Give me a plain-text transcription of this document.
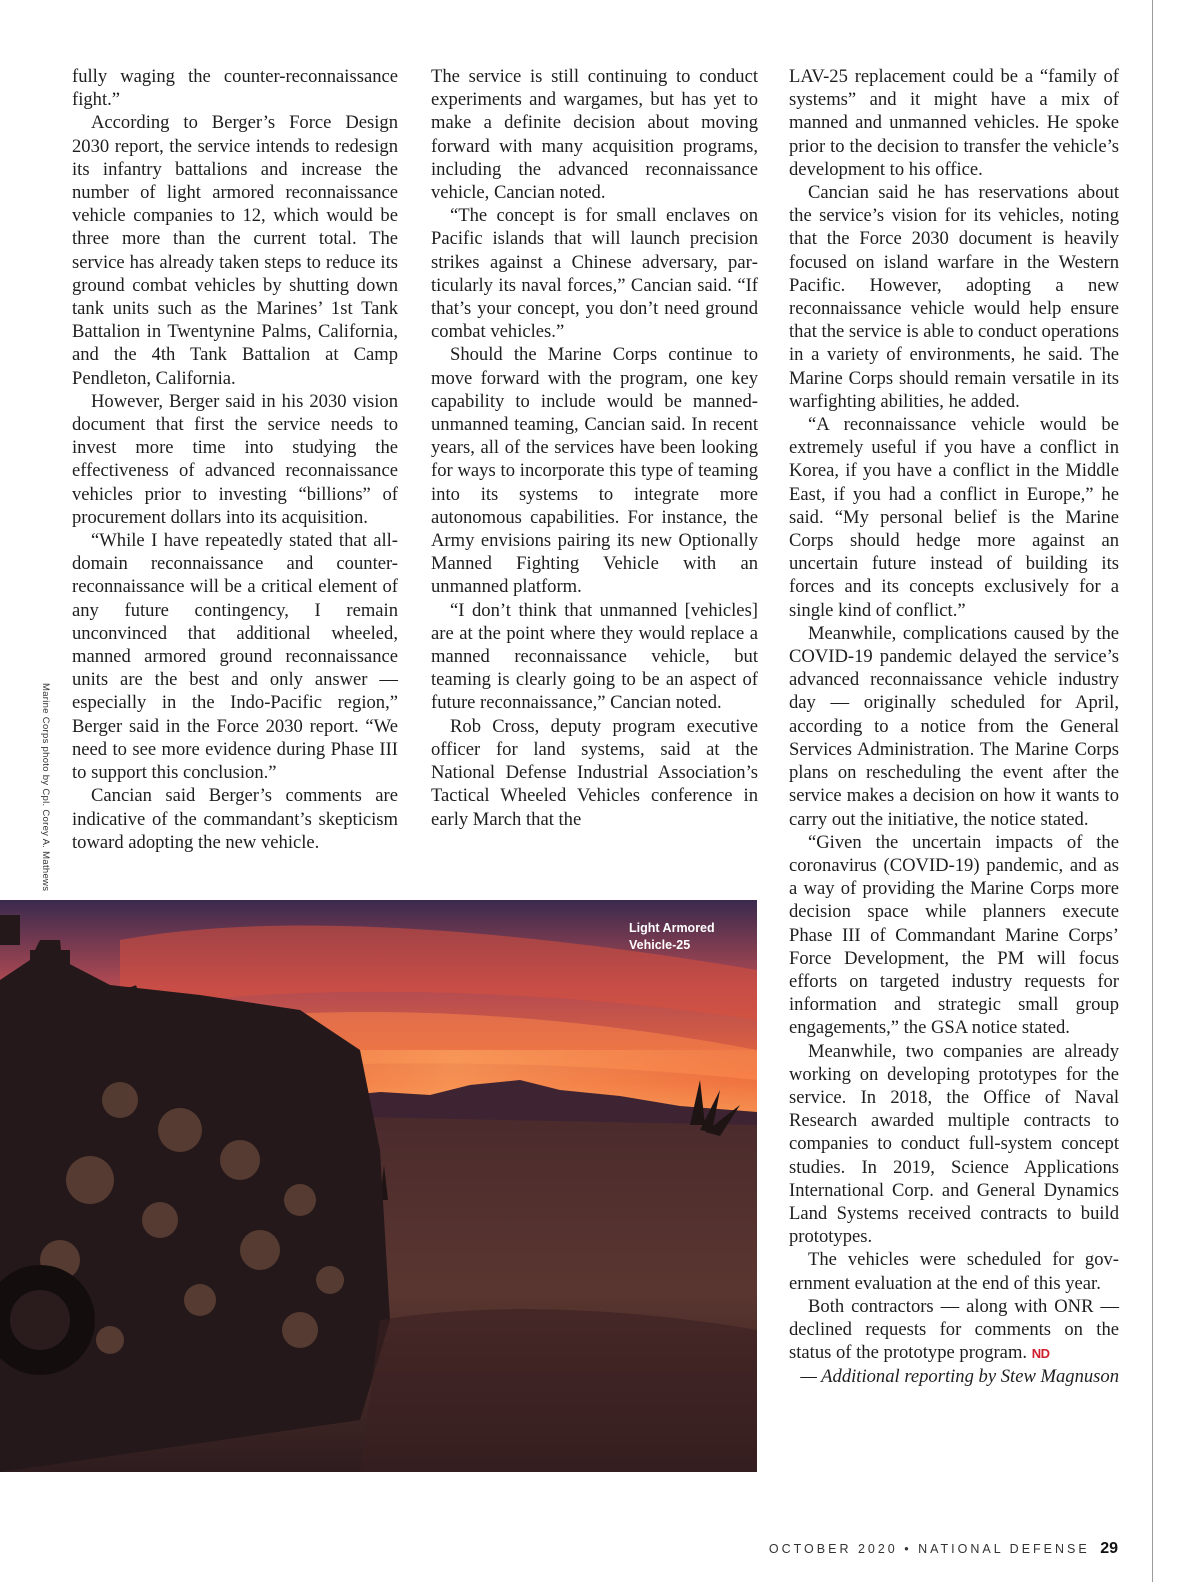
fully waging the counter-reconnaissance fight.”

According to Berger’s Force Design 2030 report, the service intends to redesign its infantry battalions and increase the number of light armored reconnaissance vehicle companies to 12, which would be three more than the current total. The service has already taken steps to reduce its ground combat vehicles by shutting down tank units such as the Marines’ 1st Tank Battalion in Twentynine Palms, California, and the 4th Tank Battalion at Camp Pendleton, California.

However, Berger said in his 2030 vision document that first the service needs to invest more time into studying the effectiveness of advanced reconnaissance vehicles prior to investing “billions” of procurement dollars into its acquisition.

“While I have repeatedly stated that all-domain reconnaissance and counter-reconnaissance will be a critical element of any future contingency, I remain unconvinced that additional wheeled, manned armored ground reconnaissance units are the best and only answer — especially in the Indo-Pacific region,” Berger said in the Force 2030 report. “We need to see more evidence during Phase III to support this conclusion.”

Cancian said Berger’s comments are indicative of the commandant’s skepticism toward adopting the new vehicle.

The service is still continuing to conduct experiments and wargames, but has yet to make a definite decision about moving forward with many acquisition programs, including the advanced reconnaissance vehicle, Cancian noted.

“The concept is for small enclaves on Pacific islands that will launch precision strikes against a Chinese adversary, particularly its naval forces,” Cancian said. “If that’s your concept, you don’t need ground combat vehicles.”

Should the Marine Corps continue to move forward with the program, one key capability to include would be manned-unmanned teaming, Cancian said. In recent years, all of the services have been looking for ways to incorporate this type of teaming into its systems to integrate more autonomous capabilities. For instance, the Army envisions pairing its new Optionally Manned Fighting Vehicle with an unmanned platform.

“I don’t think that unmanned [vehicles] are at the point where they would replace a manned reconnaissance vehicle, but teaming is clearly going to be an aspect of future reconnaissance,” Cancian noted.

Rob Cross, deputy program executive officer for land systems, said at the National Defense Industrial Association’s Tactical Wheeled Vehicles conference in early March that the

LAV-25 replacement could be a “family of systems” and it might have a mix of manned and unmanned vehicles. He spoke prior to the decision to transfer the vehicle’s development to his office.

Cancian said he has reservations about the service’s vision for its vehicles, noting that the Force 2030 document is heavily focused on island warfare in the Western Pacific. However, adopting a new reconnaissance vehicle would help ensure that the service is able to conduct operations in a variety of environments, he said. The Marine Corps should remain versatile in its warfighting abilities, he added.

“A reconnaissance vehicle would be extremely useful if you have a conflict in Korea, if you have a conflict in the Middle East, if you had a conflict in Europe,” he said. “My personal belief is the Marine Corps should hedge more against an uncertain future instead of building its forces and its concepts exclusively for a single kind of conflict.”

Meanwhile, complications caused by the COVID-19 pandemic delayed the service’s advanced reconnaissance vehicle industry day — originally scheduled for April, according to a notice from the General Services Administration. The Marine Corps plans on rescheduling the event after the service makes a decision on how it wants to carry out the initiative, the notice stated.

“Given the uncertain impacts of the coronavirus (COVID-19) pandemic, and as a way of providing the Marine Corps more decision space while planners execute Phase III of Commandant Marine Corps’ Force Development, the PM will focus efforts on targeted industry requests for information and strategic small group engagements,” the GSA notice stated.

Meanwhile, two companies are already working on developing prototypes for the service. In 2018, the Office of Naval Research awarded multiple contracts to companies to conduct full-system concept studies. In 2019, Science Applications International Corp. and General Dynamics Land Systems received contracts to build prototypes.

The vehicles were scheduled for government evaluation at the end of this year.

Both contractors — along with ONR — declined requests for comments on the status of the prototype program. ND

— Additional reporting by Stew Magnuson

Marine Corps photo by Cpl. Corey A. Mathews
Light Armored
Vehicle-25
OCTOBER 2020 • NATIONAL DEFENSE 29
